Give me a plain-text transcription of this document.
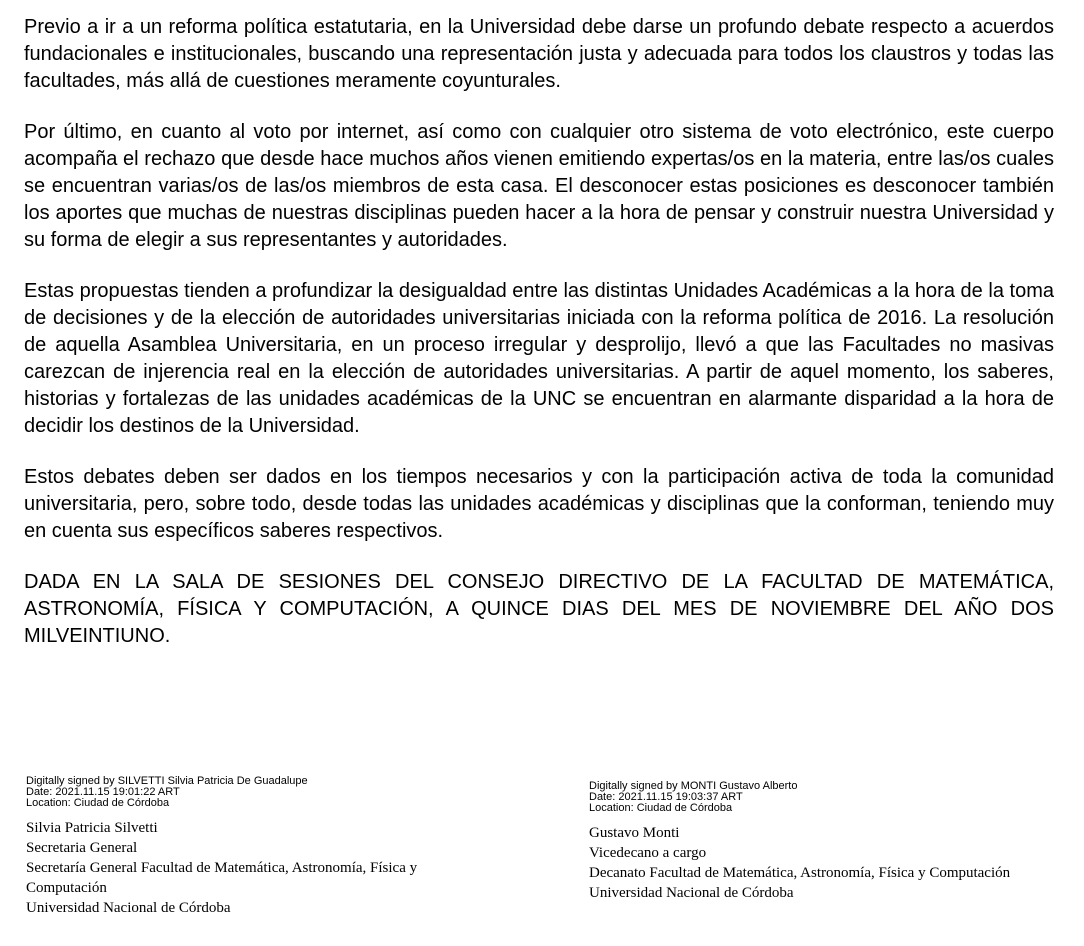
Previo a ir a un reforma política estatutaria, en la Universidad debe darse un profundo debate respecto a acuerdos fundacionales e institucionales, buscando una representación justa y adecuada para todos los claustros y todas las facultades, más allá de cuestiones meramente coyunturales.

Por último, en cuanto al voto por internet, así como con cualquier otro sistema de voto electrónico, este cuerpo acompaña el rechazo que desde hace muchos años vienen emitiendo expertas/os en la materia, entre las/os cuales se encuentran varias/os de las/os miembros de esta casa. El desconocer estas posiciones es desconocer también los aportes que muchas de nuestras disciplinas pueden hacer a la hora de pensar y construir nuestra Universidad y su forma de elegir a sus representantes y autoridades.

Estas propuestas tienden a profundizar la desigualdad entre las distintas Unidades Académicas a la hora de la toma de decisiones y de la elección de autoridades universitarias iniciada con la reforma política de 2016. La resolución de aquella Asamblea Universitaria, en un proceso irregular y desprolijo, llevó a que las Facultades no masivas carezcan de injerencia real en la elección de autoridades universitarias. A partir de aquel momento, los saberes, historias y fortalezas de las unidades académicas de la UNC se encuentran en alarmante disparidad a la hora de decidir los destinos de la Universidad.

Estos debates deben ser dados en los tiempos necesarios y con la participación activa de toda la comunidad universitaria, pero, sobre todo, desde todas las unidades académicas y disciplinas que la conforman, teniendo muy en cuenta sus específicos saberes respectivos.

DADA EN LA SALA DE SESIONES DEL CONSEJO DIRECTIVO DE LA FACULTAD DE MATEMÁTICA, ASTRONOMÍA, FÍSICA Y COMPUTACIÓN, A QUINCE DIAS DEL MES DE NOVIEMBRE DEL AÑO DOS MILVEINTIUNO.

Digitally signed by SILVETTI Silvia Patricia De Guadalupe
Date: 2021.11.15 19:01:22 ART
Location: Ciudad de Córdoba
Silvia Patricia Silvetti
Secretaria General
Secretaría General Facultad de Matemática, Astronomía, Física y Computación
Universidad Nacional de Córdoba
Digitally signed by MONTI Gustavo Alberto
Date: 2021.11.15 19:03:37 ART
Location: Ciudad de Córdoba
Gustavo Monti
Vicedecano a cargo
Decanato Facultad de Matemática, Astronomía, Física y Computación
Universidad Nacional de Córdoba
